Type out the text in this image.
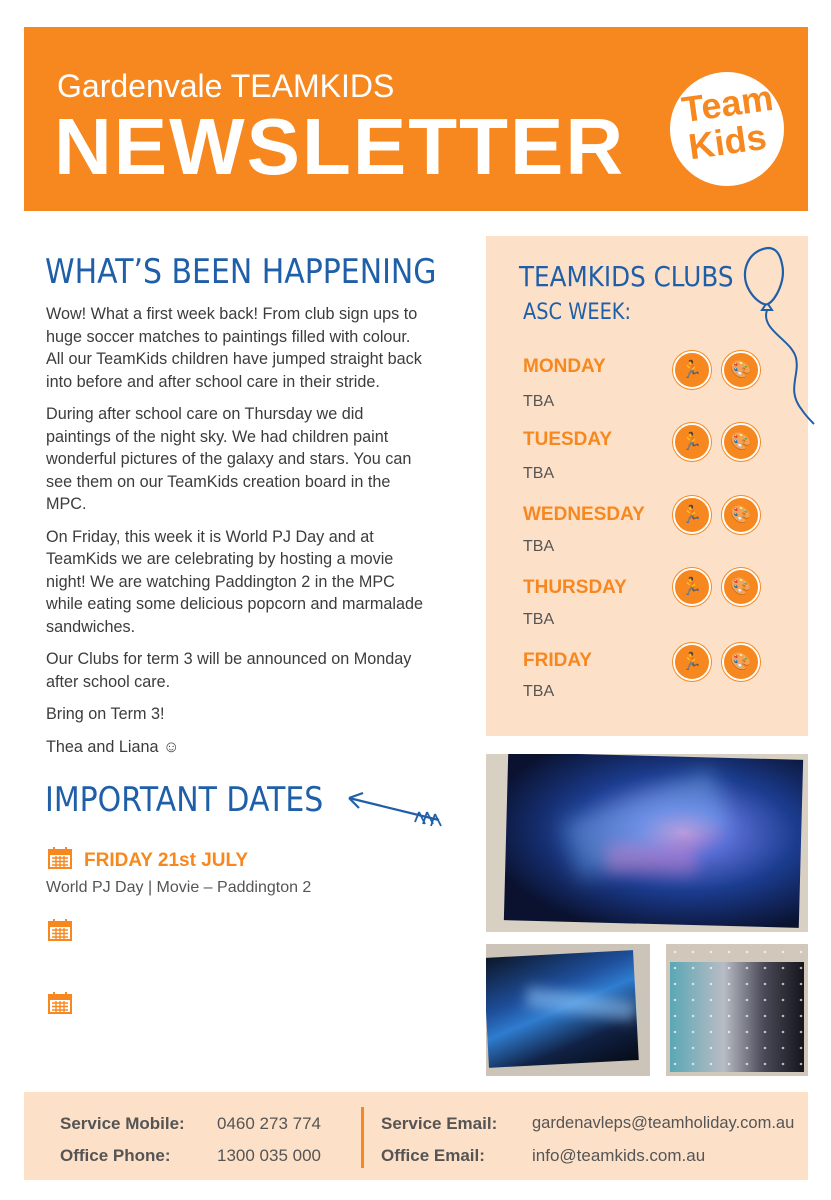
Gardenvale TEAMKIDS
NEWSLETTER Team
Kids
WHAT’S BEEN HAPPENING

Wow! What a first week back! From club sign ups to huge soccer matches to paintings filled with colour. All our TeamKids children have jumped straight back into before and after school care in their stride.

During after school care on Thursday we did paintings of the night sky. We had children paint wonderful pictures of the galaxy and stars. You can see them on our TeamKids creation board in the MPC.

On Friday, this week it is World PJ Day and at TeamKids we are celebrating by hosting a movie night! We are watching Paddington 2 in the MPC while eating some delicious popcorn and marmalade sandwiches.

Our Clubs for term 3 will be announced on Monday after school care.

Bring on Term 3!

Thea and Liana ☺

TEAMKIDS CLUBS
ASC WEEK:
MONDAY
TBA
🏃	🎨
TUESDAY
TBA
🏃	🎨
WEDNESDAY
TBA
🏃	🎨
THURSDAY
TBA
🏃	🎨
FRIDAY
TBA
🏃	🎨
IMPORTANT DATES
FRIDAY 21st JULY
World PJ Day | Movie – Paddington 2
Service Mobile: 0460 273 774
Office Phone:	1300 035 000
Service Email: gardenavleps@teamholiday.com.au
Office Email:	info@teamkids.com.au
